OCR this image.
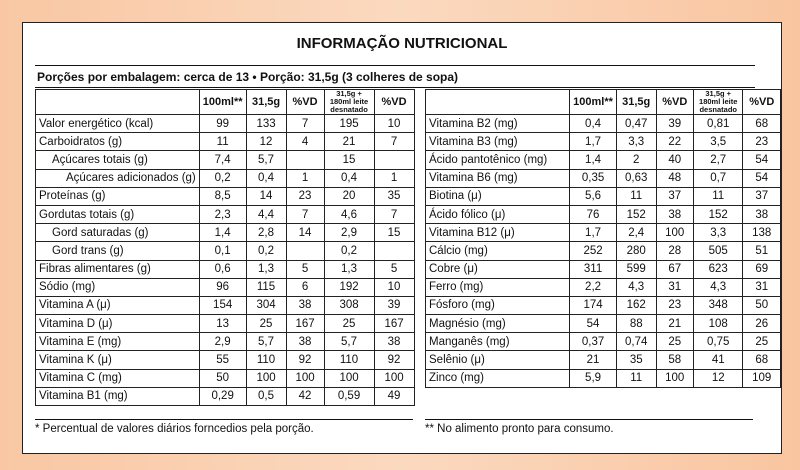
INFORMAÇÃO NUTRICIONAL
Porções por embalagem: cerca de 13 • Porção: 31,5g (3 colheres de sopa)
	100ml**	31,5g	%VD	31,5g + 180ml leite desnatado	%VD
Valor energético (kcal)	99	133	7	195	10
Carboidratos (g)	11	12	4	21	7
Açúcares totais (g)	7,4	5,7		15	
Açúcares adicionados (g)	0,2	0,4	1	0,4	1
Proteínas (g)	8,5	14	23	20	35
Gordutas totais (g)	2,3	4,4	7	4,6	7
Gord saturadas (g)	1,4	2,8	14	2,9	15
Gord trans (g)	0,1	0,2		0,2	
Fibras alimentares (g)	0,6	1,3	5	1,3	5
Sódio (mg)	96	115	6	192	10
Vitamina A (μ)	154	304	38	308	39
Vitamina D (μ)	13	25	167	25	167
Vitamina E (mg)	2,9	5,7	38	5,7	38
Vitamina K (μ)	55	110	92	110	92
Vitamina C (mg)	50	100	100	100	100
Vitamina B1 (mg)	0,29	0,5	42	0,59	49
	100ml**	31,5g	%VD	31,5g + 180ml leite desnatado	%VD
Vitamina B2 (mg)	0,4	0,47	39	0,81	68
Vitamina B3 (mg)	1,7	3,3	22	3,5	23
Ácido pantotênico (mg)	1,4	2	40	2,7	54
Vitamina B6 (mg)	0,35	0,63	48	0,7	54
Biotina (μ)	5,6	11	37	11	37
Ácido fólico (μ)	76	152	38	152	38
Vitamina B12 (μ)	1,7	2,4	100	3,3	138
Cálcio (mg)	252	280	28	505	51
Cobre (μ)	311	599	67	623	69
Ferro (mg)	2,2	4,3	31	4,3	31
Fósforo (mg)	174	162	23	348	50
Magnésio (mg)	54	88	21	108	26
Manganês (mg)	0,37	0,74	25	0,75	25
Selênio (μ)	21	35	58	41	68
Zinco (mg)	5,9	11	100	12	109
* Percentual de valores diários forncedios pela porção.	** No alimento pronto para consumo.
